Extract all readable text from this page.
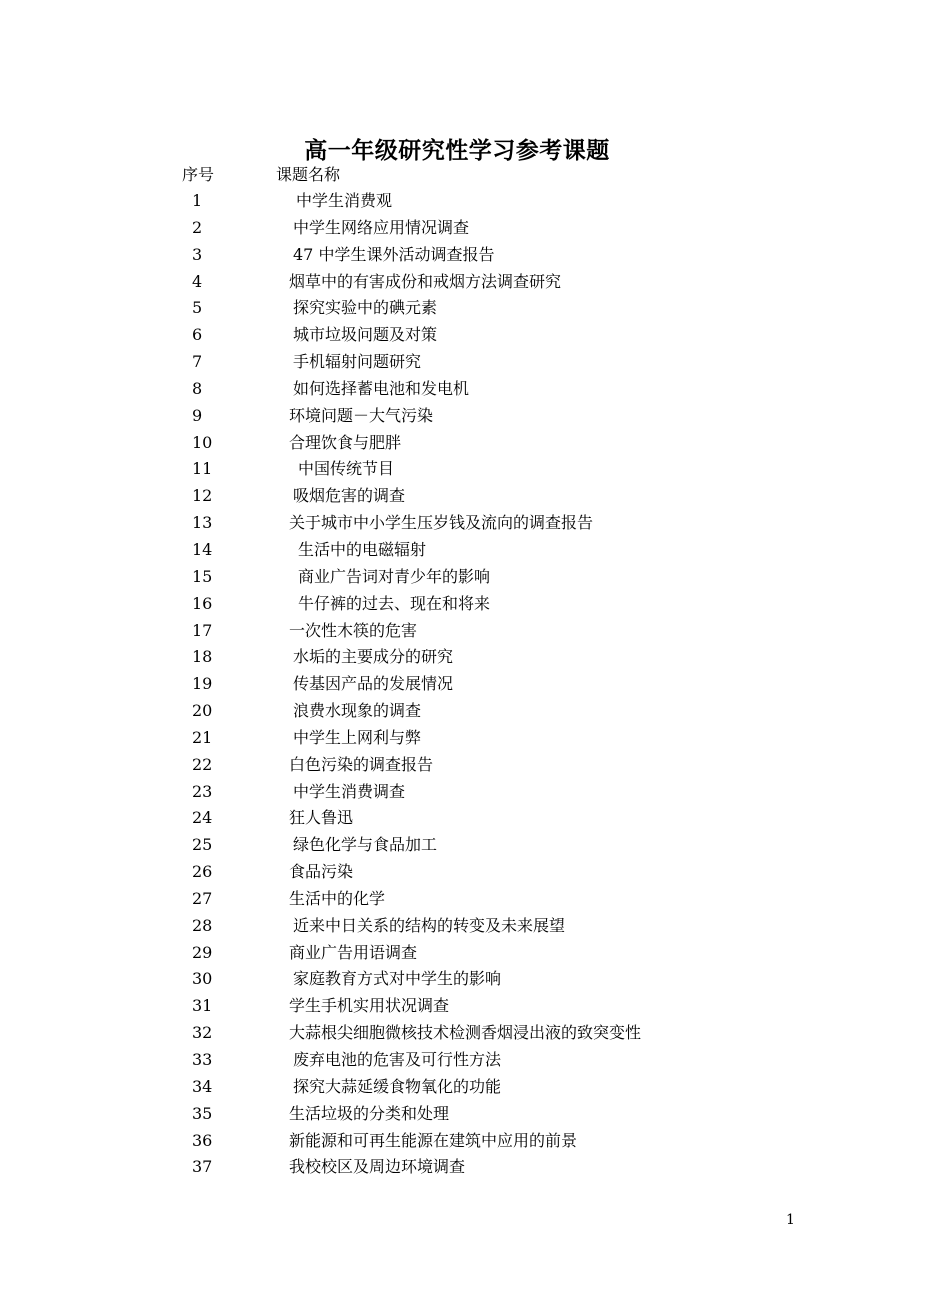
高一年级研究性学习参考课题
序号	课题名称
1	中学生消费观
2	中学生网络应用情况调查
3	47 中学生课外活动调查报告
4	烟草中的有害成份和戒烟方法调查研究
5	探究实验中的碘元素
6	城市垃圾问题及对策
7	手机辐射问题研究
8	如何选择蓄电池和发电机
9	环境问题－大气污染
10	合理饮食与肥胖
11	中国传统节目
12	吸烟危害的调查
13	关于城市中小学生压岁钱及流向的调查报告
14	生活中的电磁辐射
15	商业广告词对青少年的影响
16	牛仔裤的过去、现在和将来
17	一次性木筷的危害
18	水垢的主要成分的研究
19	传基因产品的发展情况
20	浪费水现象的调查
21	中学生上网利与弊
22	白色污染的调查报告
23	中学生消费调查
24	狂人鲁迅
25	绿色化学与食品加工
26	食品污染
27	生活中的化学
28	近来中日关系的结构的转变及未来展望
29	商业广告用语调查
30	家庭教育方式对中学生的影响
31	学生手机实用状况调查
32	大蒜根尖细胞微核技术检测香烟浸出液的致突变性
33	废弃电池的危害及可行性方法
34	探究大蒜延缓食物氧化的功能
35	生活垃圾的分类和处理
36	新能源和可再生能源在建筑中应用的前景
37	我校校区及周边环境调查
1
